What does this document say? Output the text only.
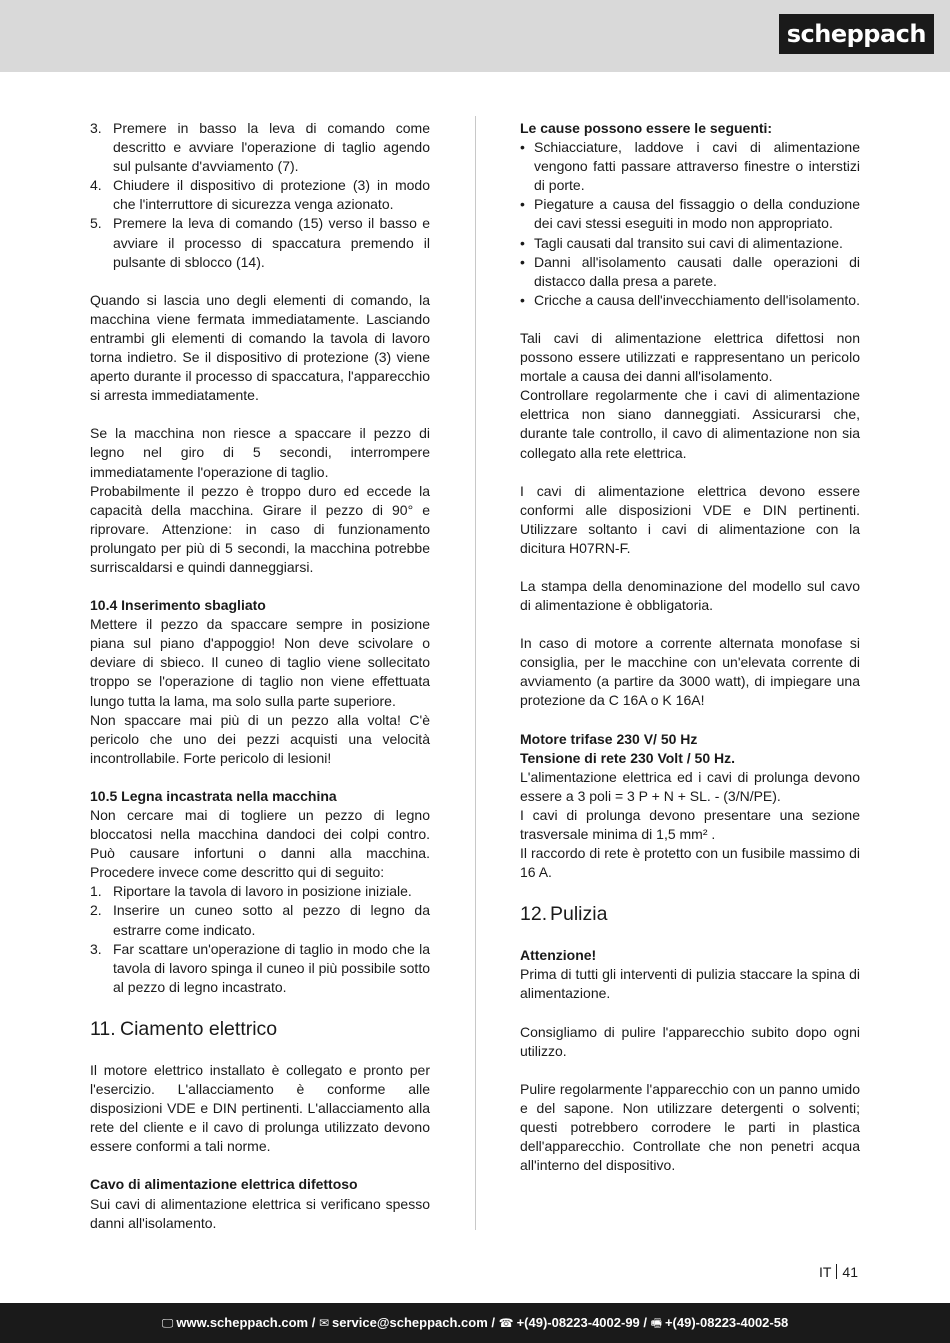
scheppach
3. Premere in basso la leva di comando come descritto e avviare l'operazione di taglio agendo sul pulsante d'avviamento (7).
4. Chiudere il dispositivo di protezione (3) in modo che l'interruttore di sicurezza venga azionato.
5. Premere la leva di comando (15) verso il basso e avviare il processo di spaccatura premendo il pulsante di sblocco (14).

Quando si lascia uno degli elementi di comando, la macchina viene fermata immediatamente. Lasciando entrambi gli elementi di comando la tavola di lavoro torna indietro. Se il dispositivo di protezione (3) viene aperto durante il processo di spaccatura, l'apparecchio si arresta immediatamente.

Se la macchina non riesce a spaccare il pezzo di legno nel giro di 5 secondi, interrompere immediatamente l'operazione di taglio.

Probabilmente il pezzo è troppo duro ed eccede la capacità della macchina. Girare il pezzo di 90° e riprovare. Attenzione: in caso di funzionamento prolungato per più di 5 secondi, la macchina potrebbe surriscaldarsi e quindi danneggiarsi.

10.4 Inserimento sbagliato

Mettere il pezzo da spaccare sempre in posizione piana sul piano d'appoggio! Non deve scivolare o deviare di sbieco. Il cuneo di taglio viene sollecitato troppo se l'operazione di taglio non viene effettuata lungo tutta la lama, ma solo sulla parte superiore.

Non spaccare mai più di un pezzo alla volta! C'è pericolo che uno dei pezzi acquisti una velocità incontrollabile. Forte pericolo di lesioni!

10.5 Legna incastrata nella macchina

Non cercare mai di togliere un pezzo di legno bloccatosi nella macchina dandoci dei colpi contro. Può causare infortuni o danni alla macchina. Procedere invece come descritto qui di seguito:

1. Riportare la tavola di lavoro in posizione iniziale.
2. Inserire un cuneo sotto al pezzo di legno da estrarre come indicato.
3. Far scattare un'operazione di taglio in modo che la tavola di lavoro spinga il cuneo il più possibile sotto al pezzo di legno incastrato.

11. Ciamento elettrico

Il motore elettrico installato è collegato e pronto per l'esercizio. L'allacciamento è conforme alle disposizioni VDE e DIN pertinenti. L'allacciamento alla rete del cliente e il cavo di prolunga utilizzato devono essere conformi a tali norme.

Cavo di alimentazione elettrica difettoso

Sui cavi di alimentazione elettrica si verificano spesso danni all'isolamento.

Le cause possono essere le seguenti:

• Schiacciature, laddove i cavi di alimentazione vengono fatti passare attraverso finestre o interstizi di porte.
• Piegature a causa del fissaggio o della conduzione dei cavi stessi eseguiti in modo non appropriato.
• Tagli causati dal transito sui cavi di alimentazione.
• Danni all'isolamento causati dalle operazioni di distacco dalla presa a parete.
• Cricche a causa dell'invecchiamento dell'isolamento.

Tali cavi di alimentazione elettrica difettosi non possono essere utilizzati e rappresentano un pericolo mortale a causa dei danni all'isolamento.

Controllare regolarmente che i cavi di alimentazione elettrica non siano danneggiati. Assicurarsi che, durante tale controllo, il cavo di alimentazione non sia collegato alla rete elettrica.

I cavi di alimentazione elettrica devono essere conformi alle disposizioni VDE e DIN pertinenti. Utilizzare soltanto i cavi di alimentazione con la dicitura H07RN-F.

La stampa della denominazione del modello sul cavo di alimentazione è obbligatoria.

In caso di motore a corrente alternata monofase si consiglia, per le macchine con un'elevata corrente di avviamento (a partire da 3000 watt), di impiegare una protezione da C 16A o K 16A!

Motore trifase 230 V/ 50 Hz

Tensione di rete 230 Volt / 50 Hz.

L'alimentazione elettrica ed i cavi di prolunga devono essere a 3 poli = 3 P + N + SL. - (3/N/PE).

I cavi di prolunga devono presentare una sezione trasversale minima di 1,5 mm² .

Il raccordo di rete è protetto con un fusibile massimo di 16 A.

12. Pulizia

Attenzione!

Prima di tutti gli interventi di pulizia staccare la spina di alimentazione.

Consigliamo di pulire l'apparecchio subito dopo ogni utilizzo.

Pulire regolarmente l'apparecchio con un panno umido e del sapone. Non utilizzare detergenti o solventi; questi potrebbero corrodere le parti in plastica dell'apparecchio. Controllate che non penetri acqua all'interno del dispositivo.

IT 41
🖵 www.scheppach.com / ✉ service@scheppach.com / ☎ +(49)-08223-4002-99 / 🖷 +(49)-08223-4002-58
